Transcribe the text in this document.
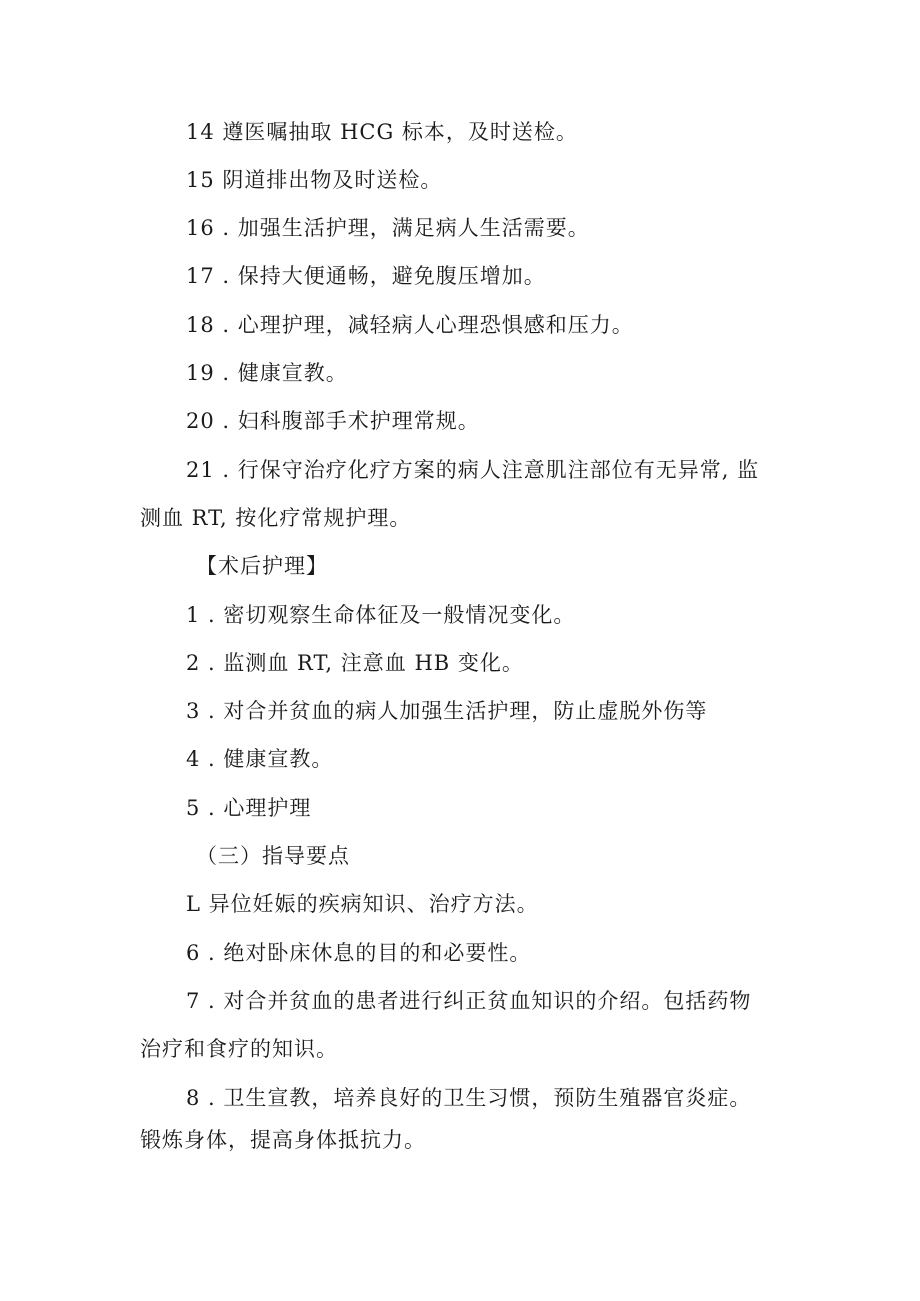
14 遵医嘱抽取 HCG 标本，及时送检。
15 阴道排出物及时送检。
16 . 加强生活护理，满足病人生活需要。
17 . 保持大便通畅，避免腹压增加。
18 . 心理护理，减轻病人心理恐惧感和压力。
19 . 健康宣教。
20 . 妇科腹部手术护理常规。
21 . 行保守治疗化疗方案的病人注意肌注部位有无异常, 监
测血 RT, 按化疗常规护理。
【术后护理】
1 . 密切观察生命体征及一般情况变化。
2 . 监测血 RT, 注意血 HB 变化。
3 . 对合并贫血的病人加强生活护理，防止虚脱外伤等
4 . 健康宣教。
5 . 心理护理
（三）指导要点
L 异位妊娠的疾病知识、治疗方法。
6 . 绝对卧床休息的目的和必要性。
7 . 对合并贫血的患者进行纠正贫血知识的介绍。包括药物
治疗和食疗的知识。
8 . 卫生宣教，培养良好的卫生习惯，预防生殖器官炎症。
锻炼身体，提高身体抵抗力。
